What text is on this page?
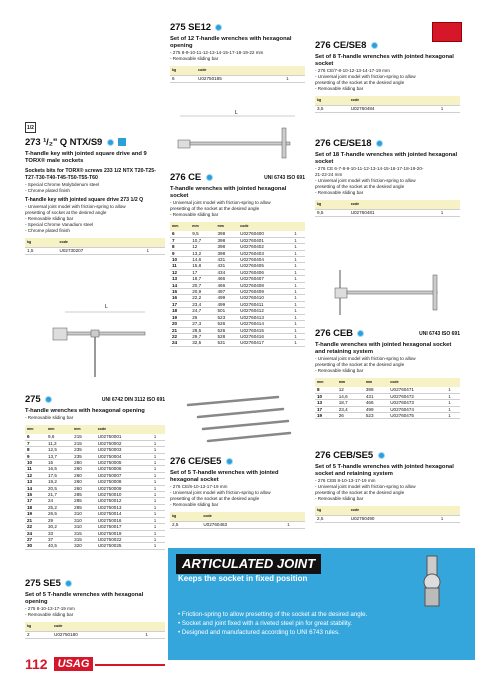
1/2
273 ¹/₂" Q NTX/S9
T-handle key with jointed square drive and 9 TORX® male sockets
Sockets bits for TORX® screws 233 1/2 NTX T20-T25-T27-T30-T40-T45-T50-T55-T60
- Special Chrome Molybdenum steel
- Chrome plated finish
T-handle key with jointed square drive 273 1/2 Q
- Universal joint model with friction-spring to allow
presetting of socket at the desired angle
- Removable sliding bar
- Special Chrome Vanadium steel
- Chrome plated finish
kg	code	
1,5	U02730207	1
L
275	UNI 6742 DIN 3112 ISO 691
T-handle wrenches with hexagonal opening
- Removable sliding bar
mm	mm	mm	code	
6	9,6	215	U02750001	1
7	11,3	215	U02750002	1
8	12,5	235	U02750003	1
9	13,7	235	U02750004	1
10	15	260	U02750005	1
11	16,5	260	U02750006	1
12	17,5	260	U02750007	1
13	19,2	260	U02750008	1
14	20,5	260	U02750009	1
15	21,7	285	U02750010	1
17	24	285	U02750012	1
18	25,2	285	U02750013	1
19	26,5	310	U02750014	1
21	29	310	U02750016	1
22	30,2	310	U02750017	1
24	33	315	U02750019	1
27	37	315	U02750022	1
30	40,5	320	U02750025	1
275 SE5
Set of 5 T-handle wrenches with hexagonal opening
- 275 8-10-13-17-19 mm
- Removable sliding bar
kg	code	
2	U02750180	1
112 USAG
275 SE12
Set of 12 T-handle wrenches with hexagonal opening
- 275 8-9-10-11-12-13-14-15-17-18-19-22 mm
- Removable sliding bar
kg	code	
6	U02750185	1
L
276 CE	UNI 6743 ISO 691
T-handle wrenches with jointed hexagonal socket
- Universal joint model with friction-spring to allow
presetting of the socket at the desired angle
- Removable sliding bar
mm	mm	mm	code	
6	9,5	398	U02760400	1
7	10,7	398	U02760401	1
8	12	398	U02760402	1
9	13,2	398	U02760403	1
10	14,6	431	U02760404	1
11	15,8	431	U02760405	1
12	17	434	U02760406	1
13	18,7	466	U02760407	1
14	20,7	466	U02760408	1
15	20,9	497	U02760409	1
16	22,2	499	U02760410	1
17	23,4	499	U02760411	1
18	24,7	501	U02760412	1
19	26	523	U02760413	1
20	27,3	526	U02760414	1
21	28,5	526	U02760415	1
22	29,7	528	U02760416	1
24	32,5	531	U02760417	1
276 CE/SE5
Set of 5 T-handle wrenches with jointed hexagonal socket
- 276 CE/8-10-13-17-19 mm
- Universal joint model with friction-spring to allow
presetting of the socket at the desired angle
- Removable sliding bar
kg	code	
2,5	U02760463	1
276 CE/SE8
Set of 8 T-handle wrenches with jointed hexagonal socket
- 276 CE/7-8-10-12-13-14-17-19 mm
- Universal joint model with friction-spring to allow
presetting of the socket at the desired angle
- Removable sliding bar
kg	code	
3,5	U02760484	1
276 CE/SE18
Set of 18 T-handle wrenches with jointed hexagonal socket
- 276 CE 6-7-8-9-10-11-12-13-14-15-16-17-18-19-20-
21-22-24 mm
- Universal joint model with friction-spring to allow
presetting of the socket at the desired angle
- Removable sliding bar
kg	code	
9,5	U02760481	1
276 CEB	UNI 6743 ISO 691
T-handle wrenches with jointed hexagonal socket and retaining system
- Universal joint model with friction-spring to allow
presetting of the socket at the desired angle
- Removable sliding bar
mm	mm	mm	code	
8	12	398	U02760471	1
10	14,6	431	U02760472	1
13	18,7	466	U02760473	1
17	23,4	499	U02760474	1
19	26	523	U02760475	1
276 CEB/SE5
Set of 5 T-handle wrenches with jointed hexagonal socket and retaining system
- 276 CEB 8-10-13-17-19 mm
- Universal joint model with friction-spring to allow
presetting of the socket at the desired angle
- Removable sliding bar
kg	code	
2,5	U02760490	1
ARTICULATED JOINT
Keeps the socket in fixed position
• Friction-spring to allow presetting of the socket at the desired angle.
• Socket and joint fixed with a riveted steel pin for great stability.
• Designed and manufactured according to UNI 6743 rules.
